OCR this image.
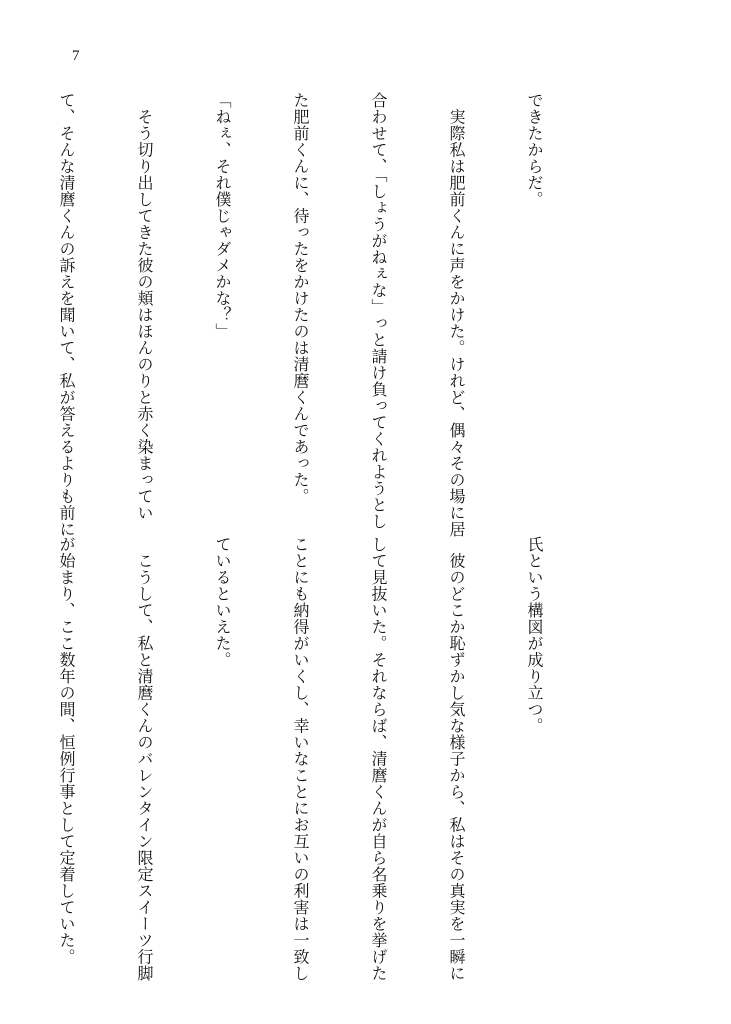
7

できたからだ。

　実際私は肥前くんに声をかけた。けれど、偶々その場に居

合わせて、「しょうがねぇな」っと請け負ってくれようとし

た肥前くんに、待ったをかけたのは清麿くんであった。

「ねぇ、それ僕じゃダメかな？」

　そう切り出してきた彼の頬はほんのりと赤く染まってい

て、そんな清麿くんの訴えを聞いて、私が答えるよりも前に

氏という構図が成り立つ。

　彼のどこか恥ずかし気な様子から、私はその真実を一瞬に

して見抜いた。それならば、清麿くんが自ら名乗りを挙げた

ことにも納得がいくし、幸いなことにお互いの利害は一致し

ているといえた。

　こうして、私と清麿くんのバレンタイン限定スイーツ行脚

が始まり、ここ数年の間、恒例行事として定着していた。
